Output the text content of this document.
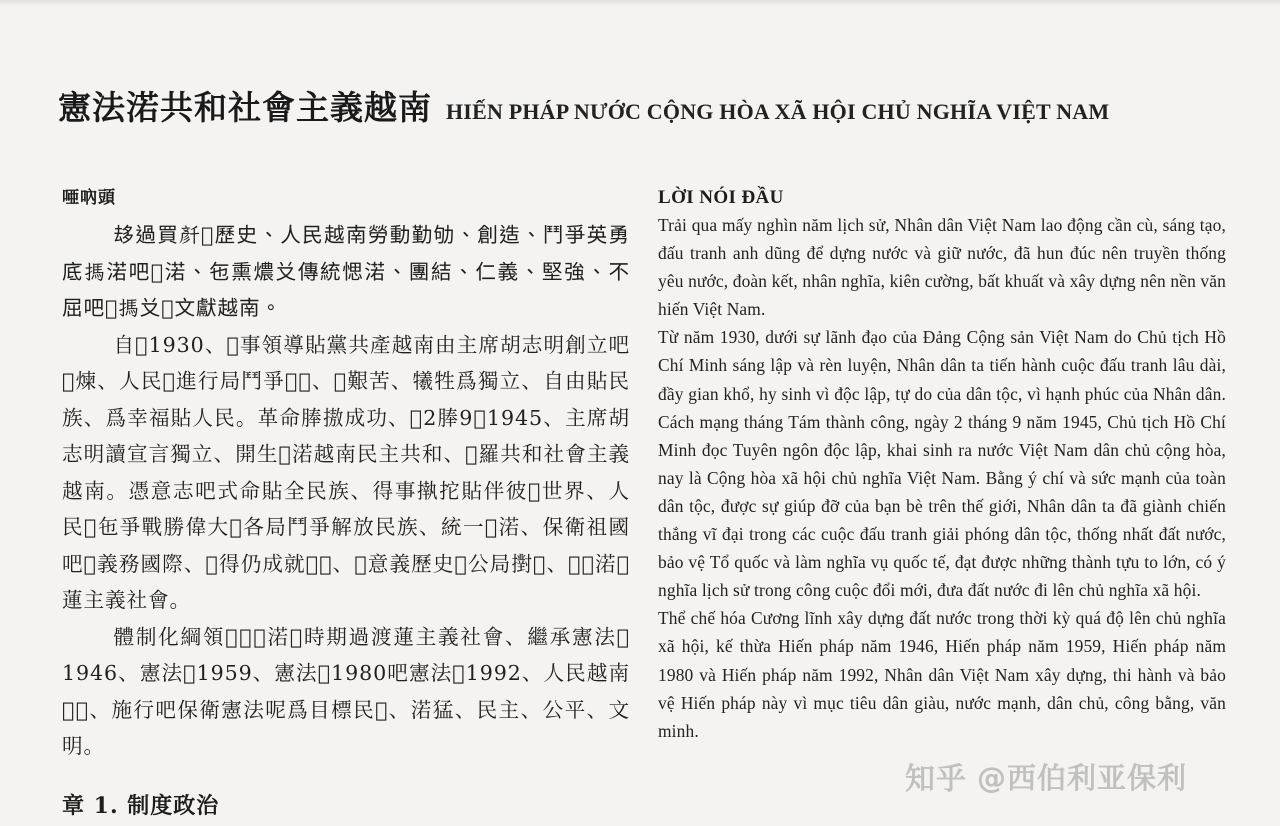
憲法渃共和社會主義越南 HIẾN PHÁP NƯỚC CỘNG HÒA XÃ HỘI CHỦ NGHĨA VIỆT NAM
唖吶頭

𠫾過買𠦳𢆥歷史、人民越南勞動勤劬、創造、鬥爭英勇底𢲫渃吧𡨹渃、㐌熏燶𠬠傳統愢渃、團結、仁義、堅強、不屈吧𡏦𢲫𠬠𡋂文獻越南。

自𢆥1930、𠁑事領導貼黨共產越南由主席胡志明創立吧𨫊煉、人民𠊚進行局鬥爭𡗉𣊾、𥪝艱苦、犧牲爲獨立、自由貼民族、爲幸福貼人民。革命䏾𢳆成功、𣋚2䏾9𢆥1945、主席胡志明讀宣言獨立、開生𥾽渃越南民主共和、𫥨羅共和社會主義越南。憑意志吧式命貼全民族、得事𢴇拕貼伴彼𨕭世界、人民𠊚㐌爭戰勝偉大𧵑各局鬥爭解放民族、統一𡐙渃、保衛祖國吧𢀭義務國際、𨀈得仍成就𢁑𢗂、𡨈意義歷史𧵑公局𢷮𡤔、𢪮𡐙渃𨖲蓮主義社會。

體制化綱領𡏦𢲫𡐙渃𧵑時期過渡蓮主義社會、繼承憲法𢆥1946、憲法𢆥1959、憲法𢆥1980吧憲法𢆥1992、人民越南𡏦𢲫、施行吧保衛憲法呢爲目標民𢀭、渃猛、民主、公平、文明。

章 1. 制度政治
LỜI NÓI ĐẦU

Trải qua mấy nghìn năm lịch sử, Nhân dân Việt Nam lao động cần cù, sáng tạo, đấu tranh anh dũng để dựng nước và giữ nước, đã hun đúc nên truyền thống yêu nước, đoàn kết, nhân nghĩa, kiên cường, bất khuất và xây dựng nên nền văn hiến Việt Nam.

Từ năm 1930, dưới sự lãnh đạo của Đảng Cộng sản Việt Nam do Chủ tịch Hồ Chí Minh sáng lập và rèn luyện, Nhân dân ta tiến hành cuộc đấu tranh lâu dài, đầy gian khổ, hy sinh vì độc lập, tự do của dân tộc, vì hạnh phúc của Nhân dân. Cách mạng tháng Tám thành công, ngày 2 tháng 9 năm 1945, Chủ tịch Hồ Chí Minh đọc Tuyên ngôn độc lập, khai sinh ra nước Việt Nam dân chủ cộng hòa, nay là Cộng hòa xã hội chủ nghĩa Việt Nam. Bằng ý chí và sức mạnh của toàn dân tộc, được sự giúp đỡ của bạn bè trên thế giới, Nhân dân ta đã giành chiến thắng vĩ đại trong các cuộc đấu tranh giải phóng dân tộc, thống nhất đất nước, bảo vệ Tổ quốc và làm nghĩa vụ quốc tế, đạt được những thành tựu to lớn, có ý nghĩa lịch sử trong công cuộc đổi mới, đưa đất nước đi lên chủ nghĩa xã hội.

Thể chế hóa Cương lĩnh xây dựng đất nước trong thời kỳ quá độ lên chủ nghĩa xã hội, kế thừa Hiến pháp năm 1946, Hiến pháp năm 1959, Hiến pháp năm 1980 và Hiến pháp năm 1992, Nhân dân Việt Nam xây dựng, thi hành và bảo vệ Hiến pháp này vì mục tiêu dân giàu, nước mạnh, dân chủ, công bằng, văn minh.

知乎 @西伯利亚保利
